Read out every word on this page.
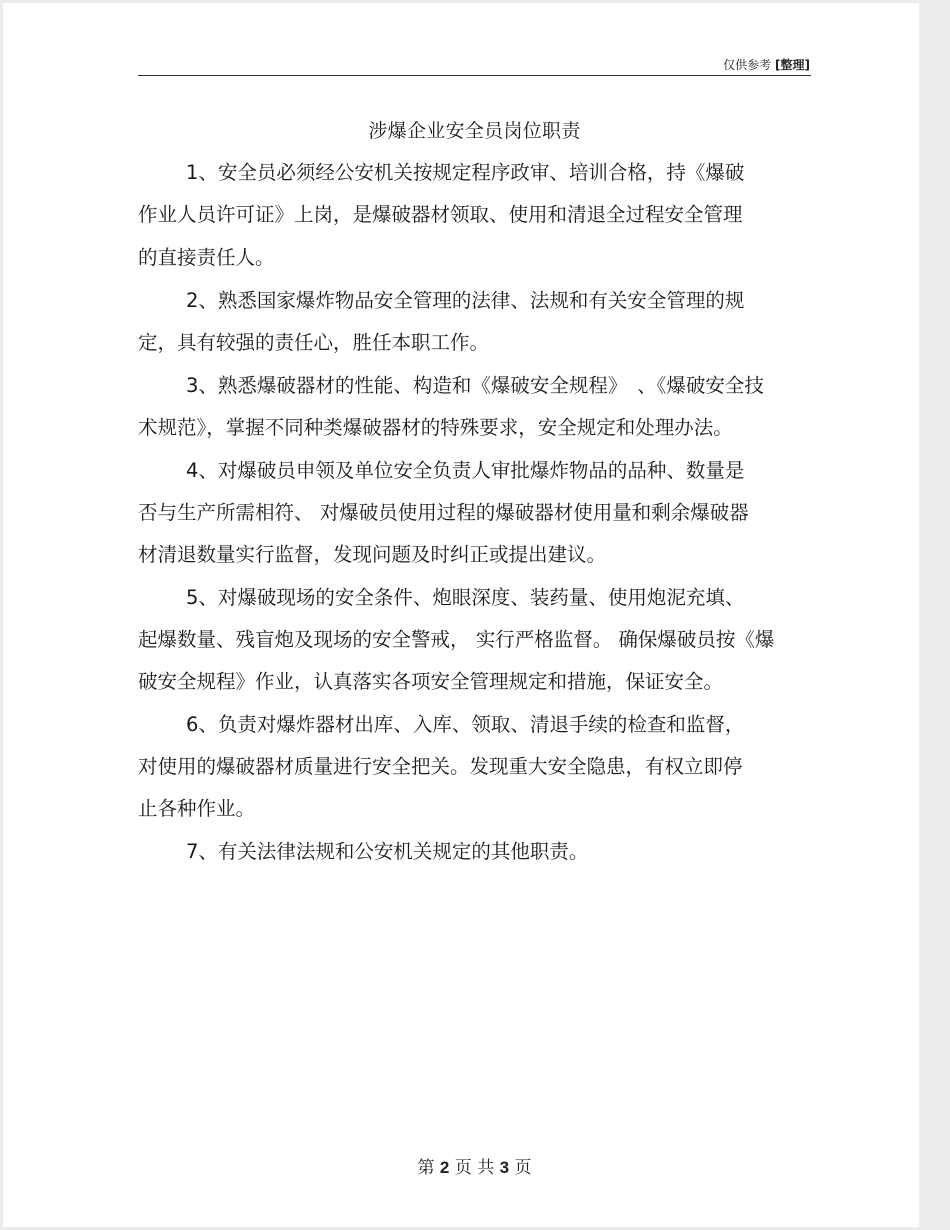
仅供参考 [整理]
涉爆企业安全员岗位职责
1、安全员必须经公安机关按规定程序政审、培训合格，持《爆破
作业人员许可证》上岗，是爆破器材领取、使用和清退全过程安全管理
的直接责任人。
2、熟悉国家爆炸物品安全管理的法律、法规和有关安全管理的规
定，具有较强的责任心，胜任本职工作。
3、熟悉爆破器材的性能、构造和《爆破安全规程》　、《爆破安全技
术规范》，掌握不同种类爆破器材的特殊要求，安全规定和处理办法。
4、对爆破员申领及单位安全负责人审批爆炸物品的品种、数量是
否与生产所需相符、 对爆破员使用过程的爆破器材使用量和剩余爆破器
材清退数量实行监督，发现问题及时纠正或提出建议。
5、对爆破现场的安全条件、炮眼深度、装药量、使用炮泥充填、
起爆数量、残盲炮及现场的安全警戒， 实行严格监督。 确保爆破员按《爆
破安全规程》作业，认真落实各项安全管理规定和措施，保证安全。
6、负责对爆炸器材出库、入库、领取、清退手续的检查和监督，
对使用的爆破器材质量进行安全把关。发现重大安全隐患，有权立即停
止各种作业。
7、有关法律法规和公安机关规定的其他职责。
第 2 页 共 3 页
